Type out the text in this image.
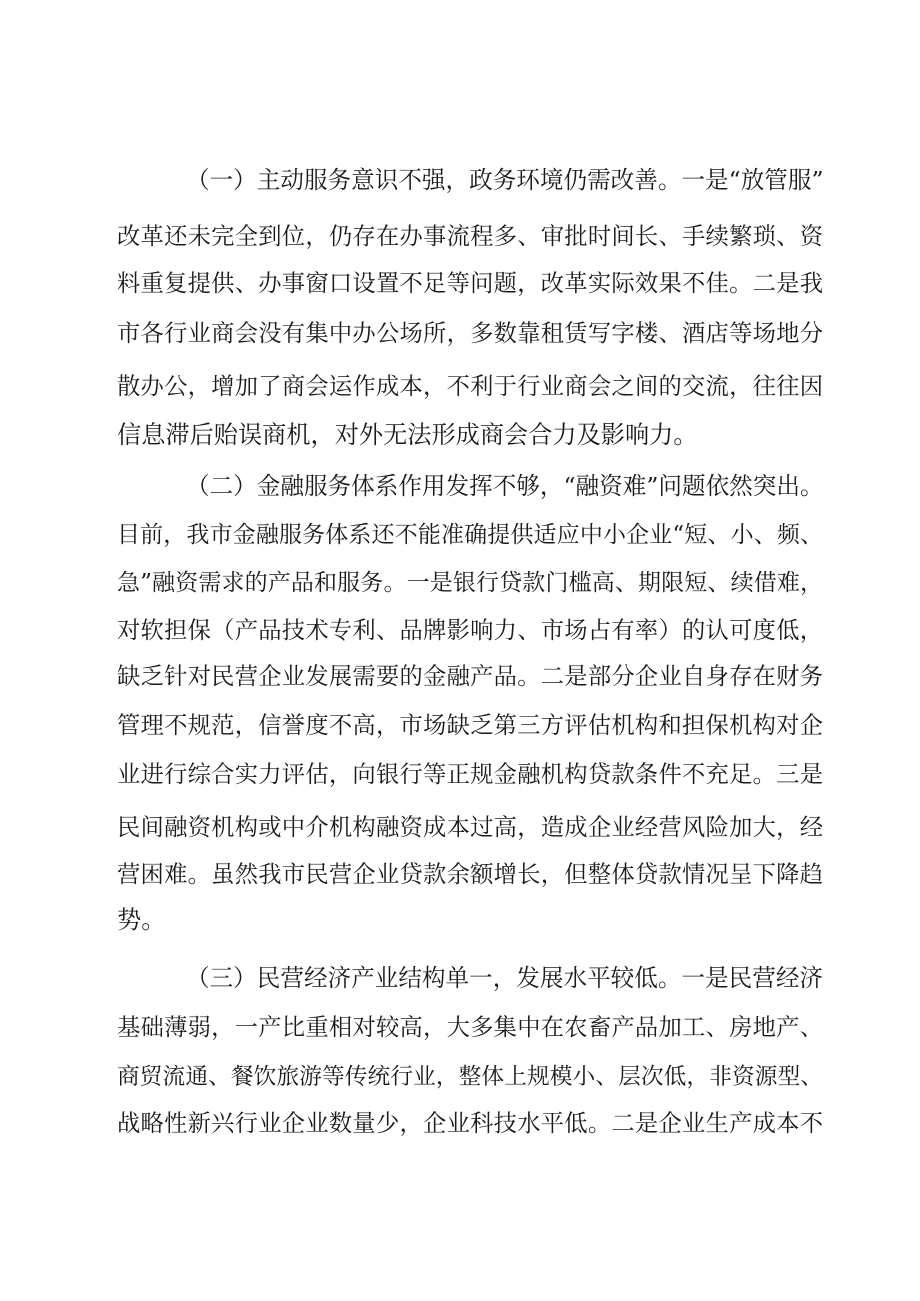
（一）主动服务意识不强，政务环境仍需改善。一是“放管服”
改革还未完全到位，仍存在办事流程多、审批时间长、手续繁琐、资
料重复提供、办事窗口设置不足等问题，改革实际效果不佳。二是我
市各行业商会没有集中办公场所，多数靠租赁写字楼、酒店等场地分
散办公，增加了商会运作成本，不利于行业商会之间的交流，往往因
信息滞后贻误商机，对外无法形成商会合力及影响力。
（二）金融服务体系作用发挥不够，“融资难”问题依然突出。
目前，我市金融服务体系还不能准确提供适应中小企业“短、小、频、
急”融资需求的产品和服务。一是银行贷款门槛高、期限短、续借难，
对软担保（产品技术专利、品牌影响力、市场占有率）的认可度低，
缺乏针对民营企业发展需要的金融产品。二是部分企业自身存在财务
管理不规范，信誉度不高，市场缺乏第三方评估机构和担保机构对企
业进行综合实力评估，向银行等正规金融机构贷款条件不充足。三是
民间融资机构或中介机构融资成本过高，造成企业经营风险加大，经
营困难。虽然我市民营企业贷款余额增长，但整体贷款情况呈下降趋
势。
（三）民营经济产业结构单一，发展水平较低。一是民营经济
基础薄弱，一产比重相对较高，大多集中在农畜产品加工、房地产、
商贸流通、餐饮旅游等传统行业，整体上规模小、层次低，非资源型、
战略性新兴行业企业数量少，企业科技水平低。二是企业生产成本不
